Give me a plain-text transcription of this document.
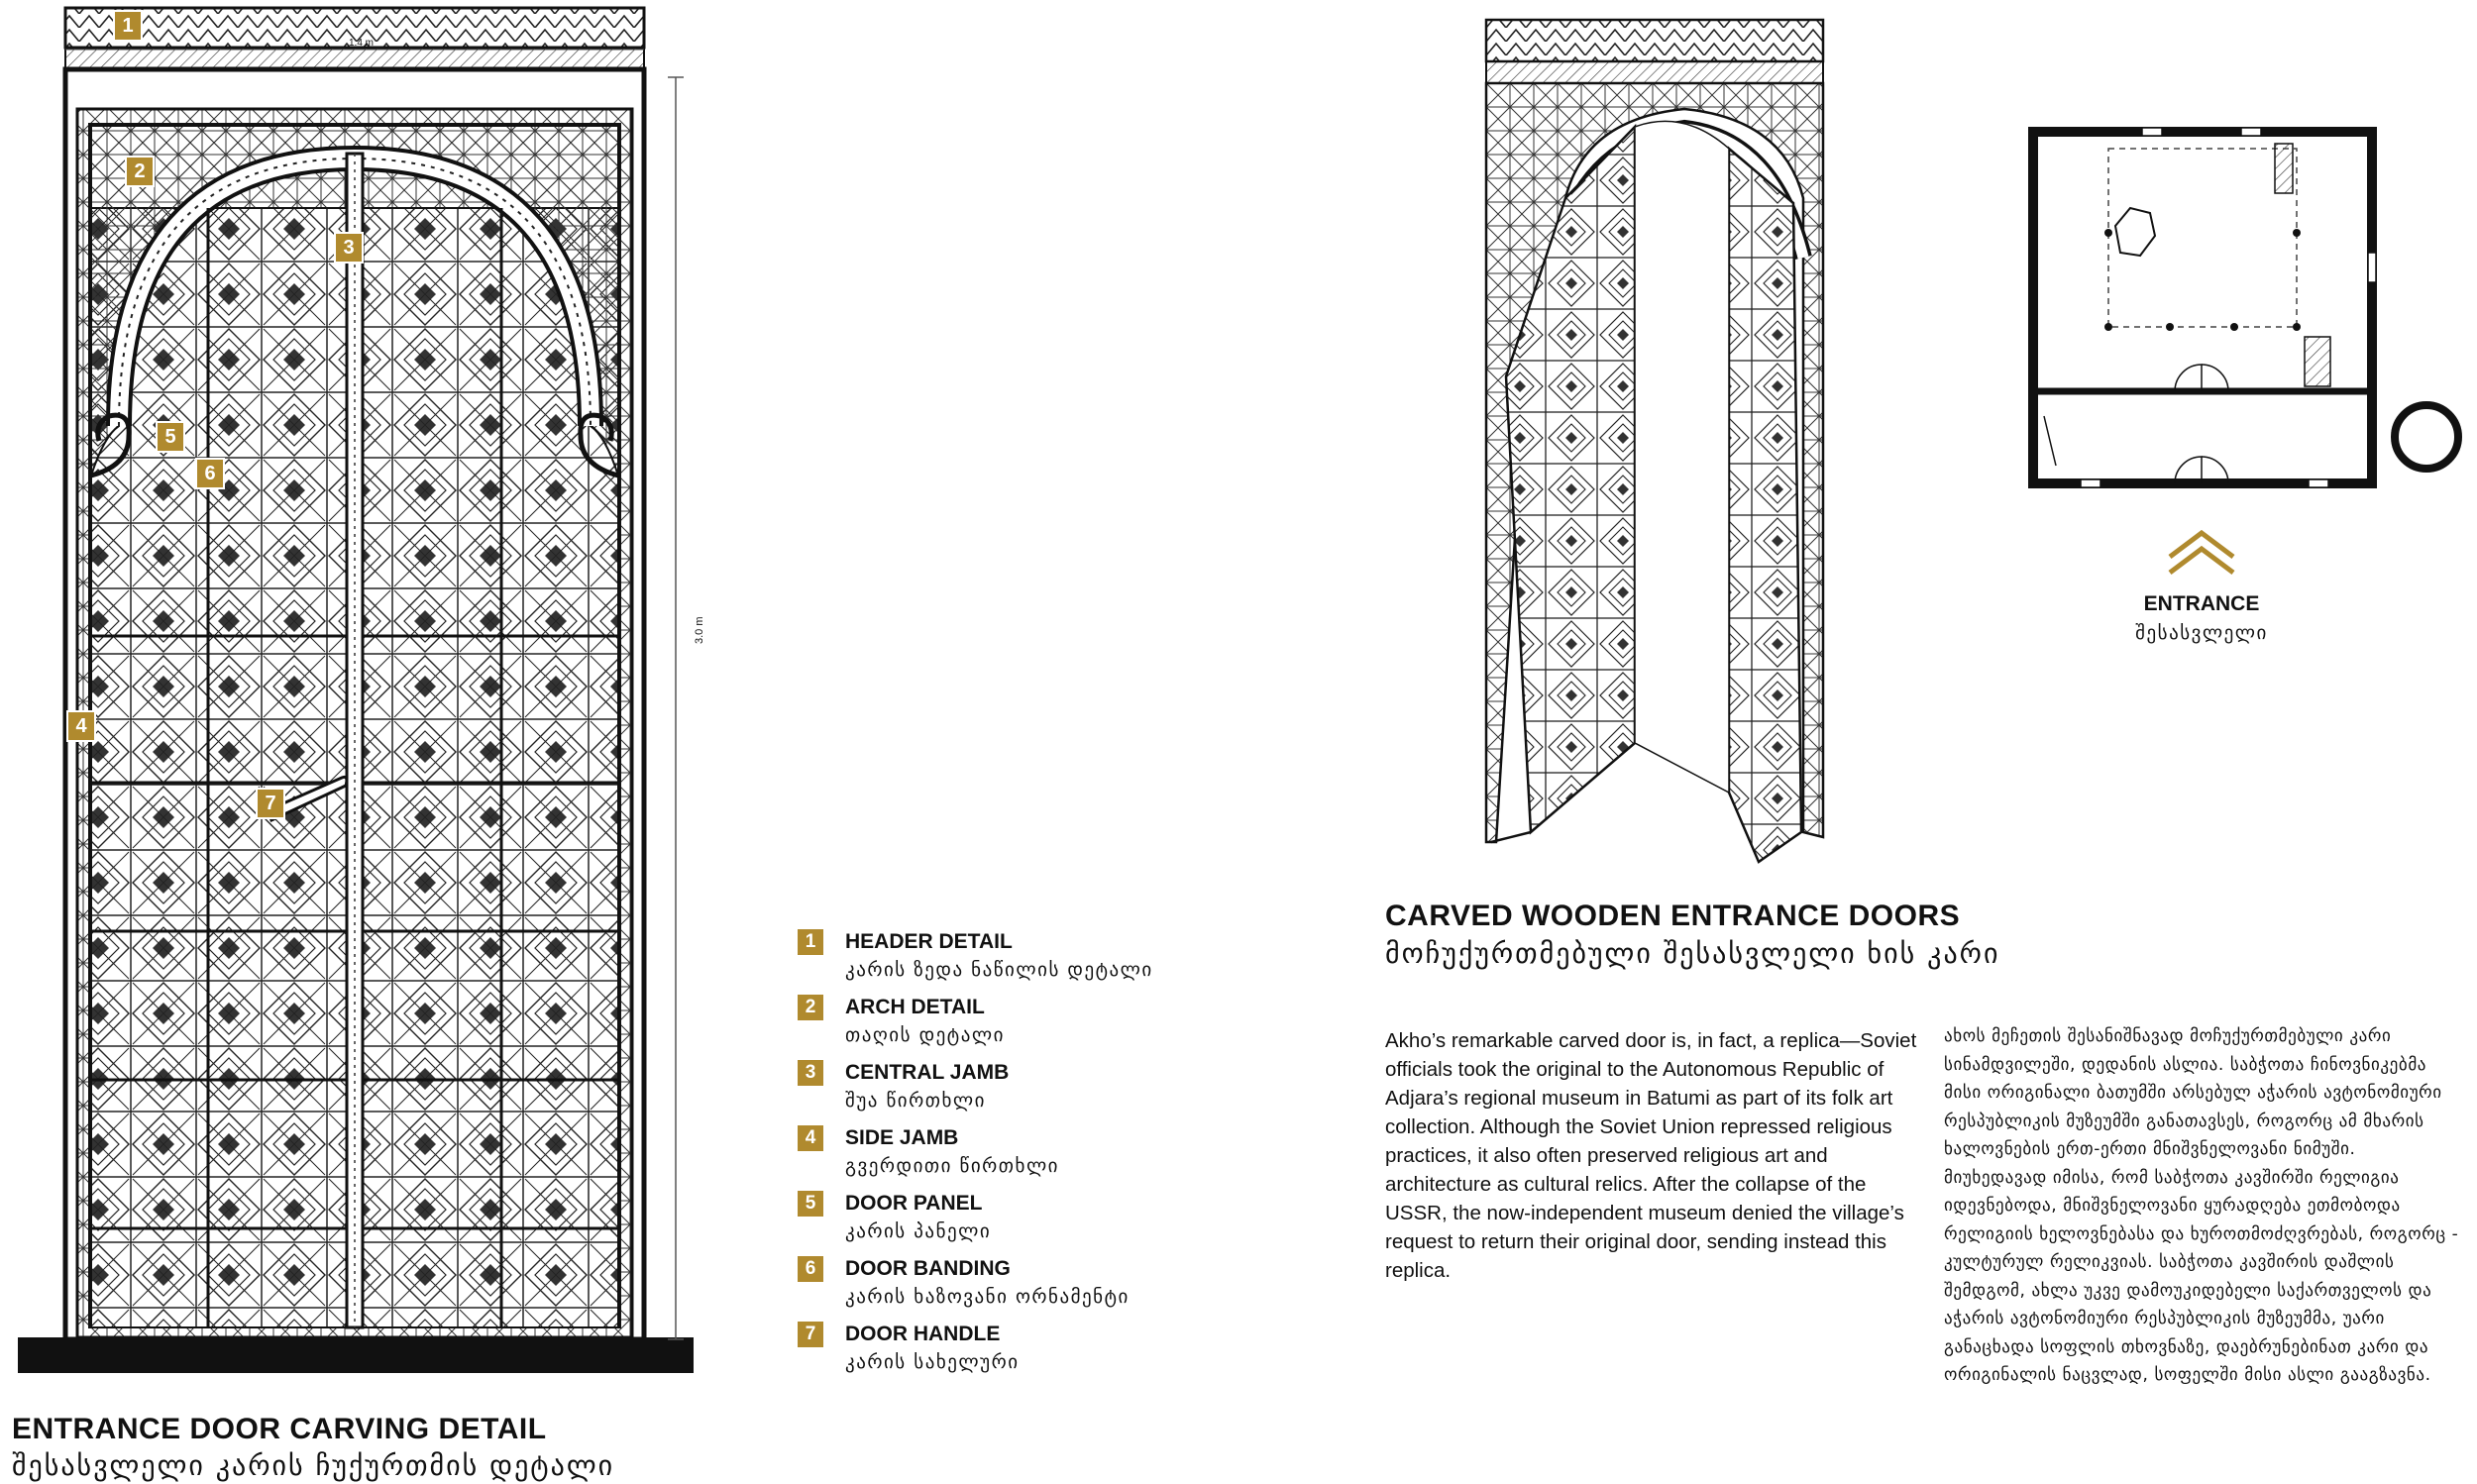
3.0 m
1.4 m
1
2
3
4
5
6
7
ENTRANCE DOOR CARVING DETAIL
შესასვლელი კარის ჩუქურთმის დეტალი
1	HEADER DETAIL
კარის ზედა ნაწილის დეტალი
2	ARCH DETAIL
თაღის დეტალი
3	CENTRAL JAMB
შუა წირთხლი
4	SIDE JAMB
გვერდითი წირთხლი
5	DOOR PANEL
კარის პანელი
6	DOOR BANDING
კარის ხაზოვანი ორნამენტი
7	DOOR HANDLE
კარის სახელური
CARVED WOODEN ENTRANCE DOORS
მოჩუქურთმებული შესასვლელი ხის კარი
Akho’s remarkable carved door is, in fact, a replica—Soviet officials took the original to the Autonomous Republic of Adjara’s regional museum in Batumi as part of its folk art collection. Although the Soviet Union repressed religious practices, it also often preserved religious art and architecture as cultural relics. After the collapse of the USSR, the now-independent museum denied the village’s request to return their original door, sending instead this replica.
ახოს მეჩეთის შესანიშნავად მოჩუქურთმებული კარი სინამდვილეში, დედანის ასლია. საბჭოთა ჩინოვნიკებმა მისი ორიგინალი ბათუმში არსებულ აჭარის ავტონომიური რესპუბლიკის მუზეუმში განათავსეს, როგორც ამ მხარის ხალოვნების ერთ-ერთი მნიშვნელოვანი ნიმუში. მიუხედავად იმისა, რომ საბჭოთა კავშირში რელიგია იდევნებოდა, მნიშვნელოვანი ყურადღება ეთმობოდა რელიგიის ხელოვნებასა და ხუროთმოძღვრებას, როგორც - კულტურულ რელიკვიას. საბჭოთა კავშირის დაშლის შემდგომ, ახლა უკვე დამოუკიდებელი საქართველოს და აჭარის ავტონომიური რესპუბლიკის მუზეუმმა, უარი განაცხადა სოფლის თხოვნაზე, დაებრუნებინათ კარი და ორიგინალის ნაცვლად, სოფელში მისი ასლი გააგზავნა.
ENTRANCE
შესასვლელი
